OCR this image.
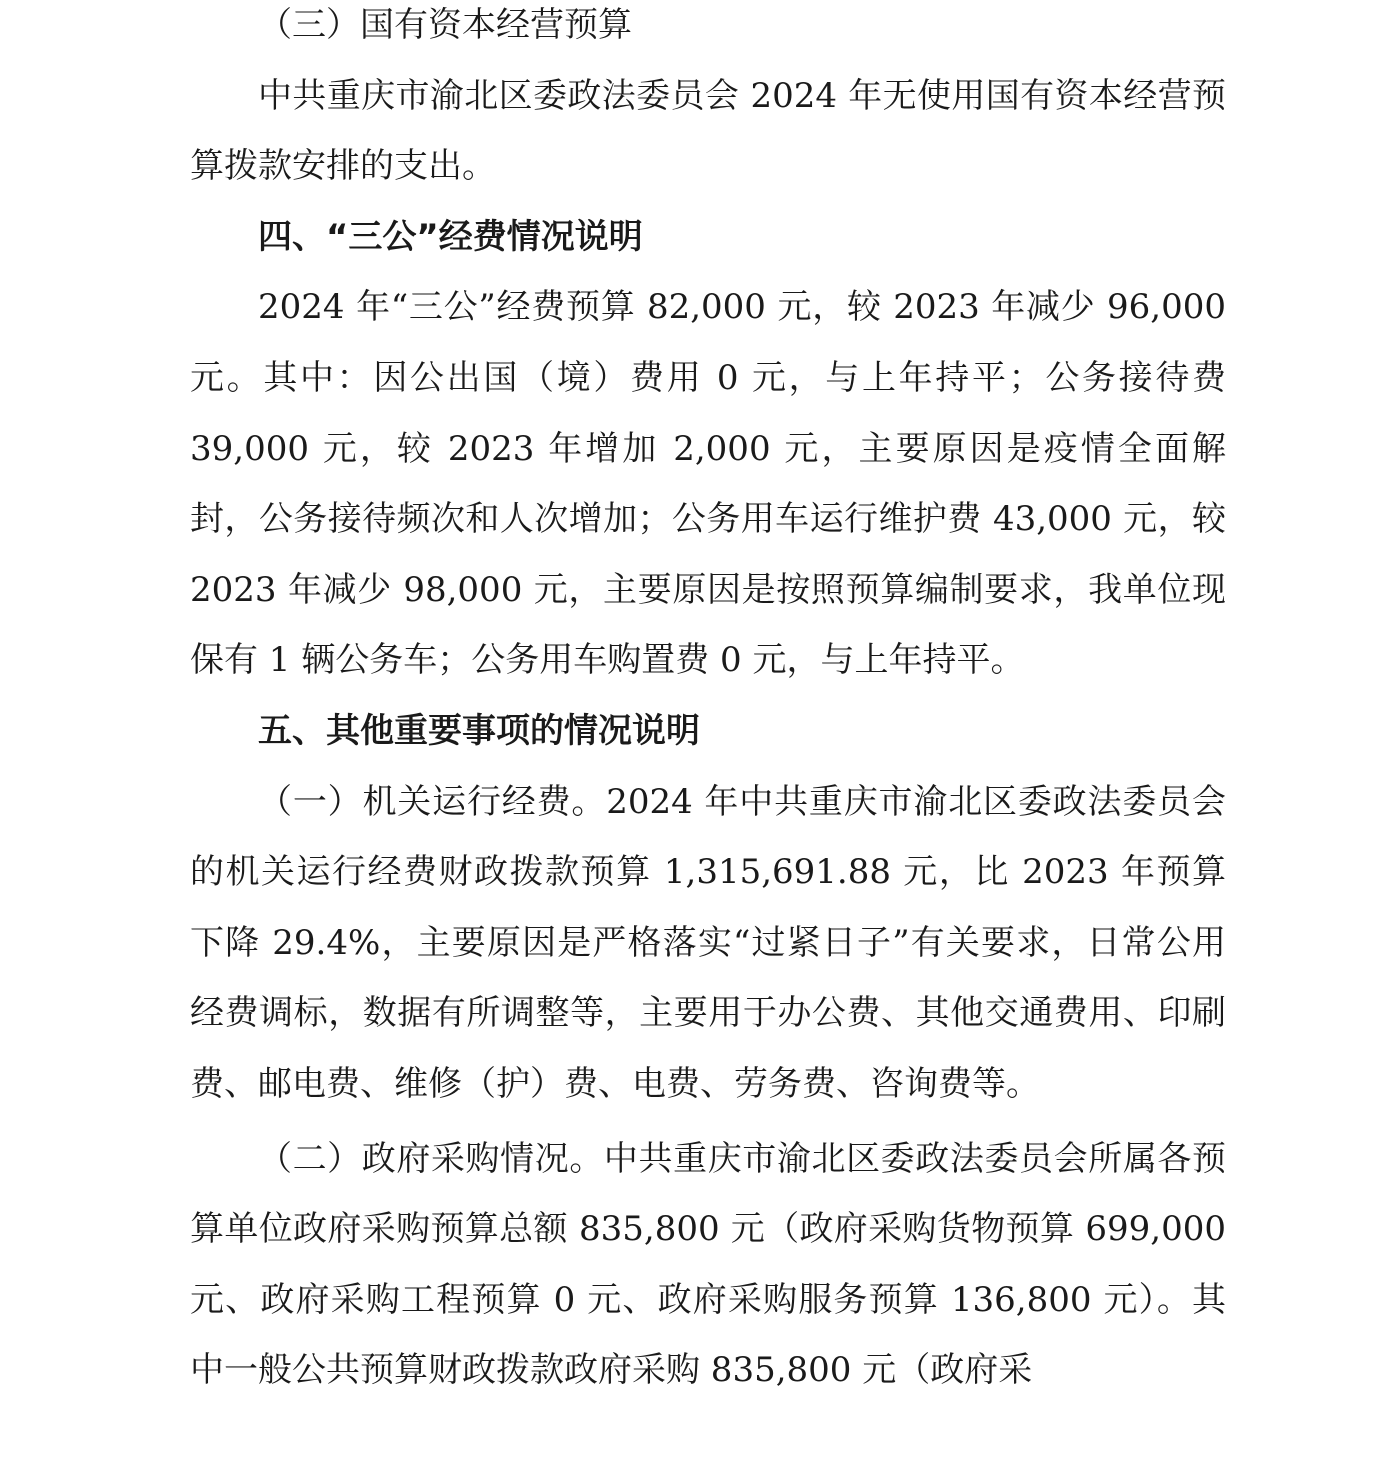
（三）国有资本经营预算

中共重庆市渝北区委政法委员会 2024 年无使用国有资本经营预算拨款安排的支出。

四、“三公”经费情况说明

2024 年“三公”经费预算 82,000 元，较 2023 年减少 96,000 元。其中：因公出国（境）费用 0 元，与上年持平；公务接待费 39,000 元，较 2023 年增加 2,000 元，主要原因是疫情全面解封，公务接待频次和人次增加；公务用车运行维护费 43,000 元，较 2023 年减少 98,000 元，主要原因是按照预算编制要求，我单位现保有 1 辆公务车；公务用车购置费 0 元，与上年持平。

五、其他重要事项的情况说明

（一）机关运行经费。2024 年中共重庆市渝北区委政法委员会的机关运行经费财政拨款预算 1,315,691.88 元，比 2023 年预算下降 29.4%，主要原因是严格落实“过紧日子”有关要求，日常公用经费调标，数据有所调整等，主要用于办公费、其他交通费用、印刷费、邮电费、维修（护）费、电费、劳务费、咨询费等。

（二）政府采购情况。中共重庆市渝北区委政法委员会所属各预算单位政府采购预算总额 835,800 元（政府采购货物预算 699,000 元、政府采购工程预算 0 元、政府采购服务预算 136,800 元）。其中一般公共预算财政拨款政府采购 835,800 元（政府采
